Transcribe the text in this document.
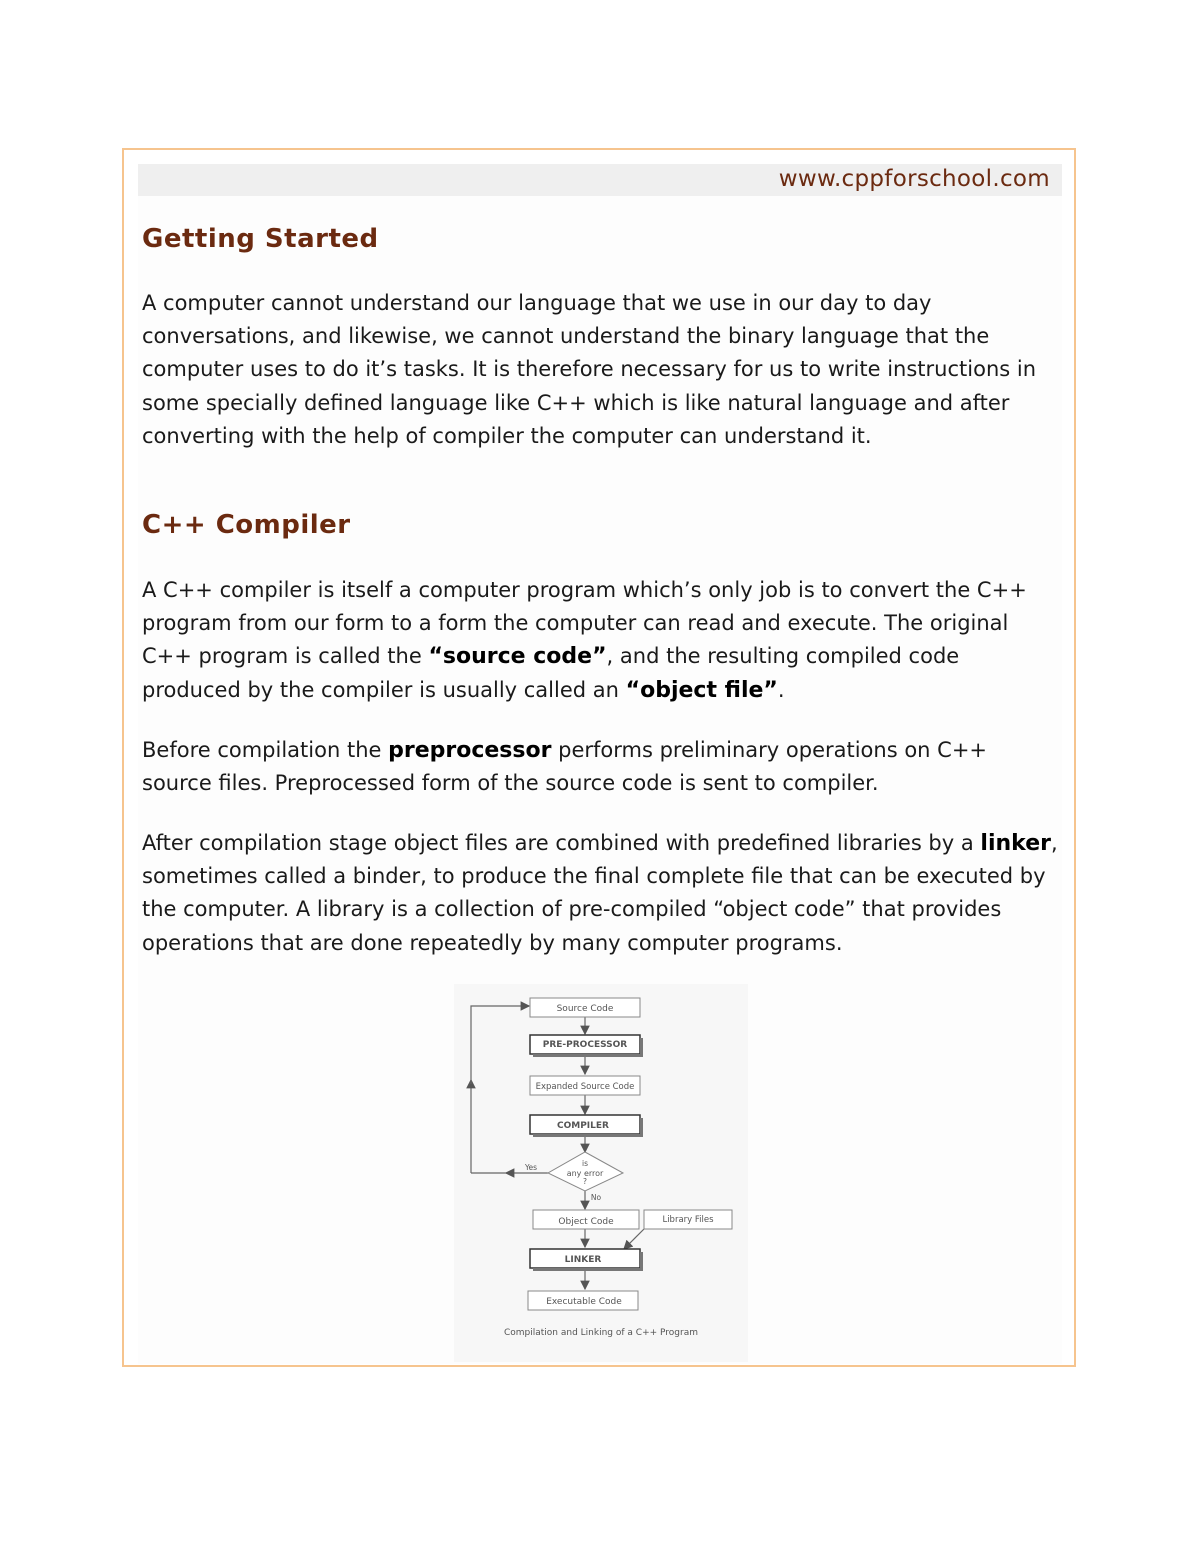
www.cppforschool.com
Getting Started

A computer cannot understand our language that we use in our day to day conversations, and likewise, we cannot understand the binary language that the computer uses to do it’s tasks. It is therefore necessary for us to write instructions in some specially defined language like C++ which is like natural language and after converting with the help of compiler the computer can understand it.

C++ Compiler

A C++ compiler is itself a computer program which’s only job is to convert the C++ program from our form to a form the computer can read and execute. The original C++ program is called the “source code”, and the resulting compiled code produced by the compiler is usually called an “object file”.

Before compilation the preprocessor performs preliminary operations on C++ source files. Preprocessed form of the source code is sent to compiler.

After compilation stage object files are combined with predefined libraries by a linker, sometimes called a binder, to produce the final complete file that can be executed by the computer. A library is a collection of pre-compiled “object code” that provides operations that are done repeatedly by many computer programs.

Source Code
PRE-PROCESSOR
Expanded Source Code
COMPILER
is
any error
?
Yes
No
Object Code	Library Files
LINKER
Executable Code
Compilation and Linking of a C++ Program
